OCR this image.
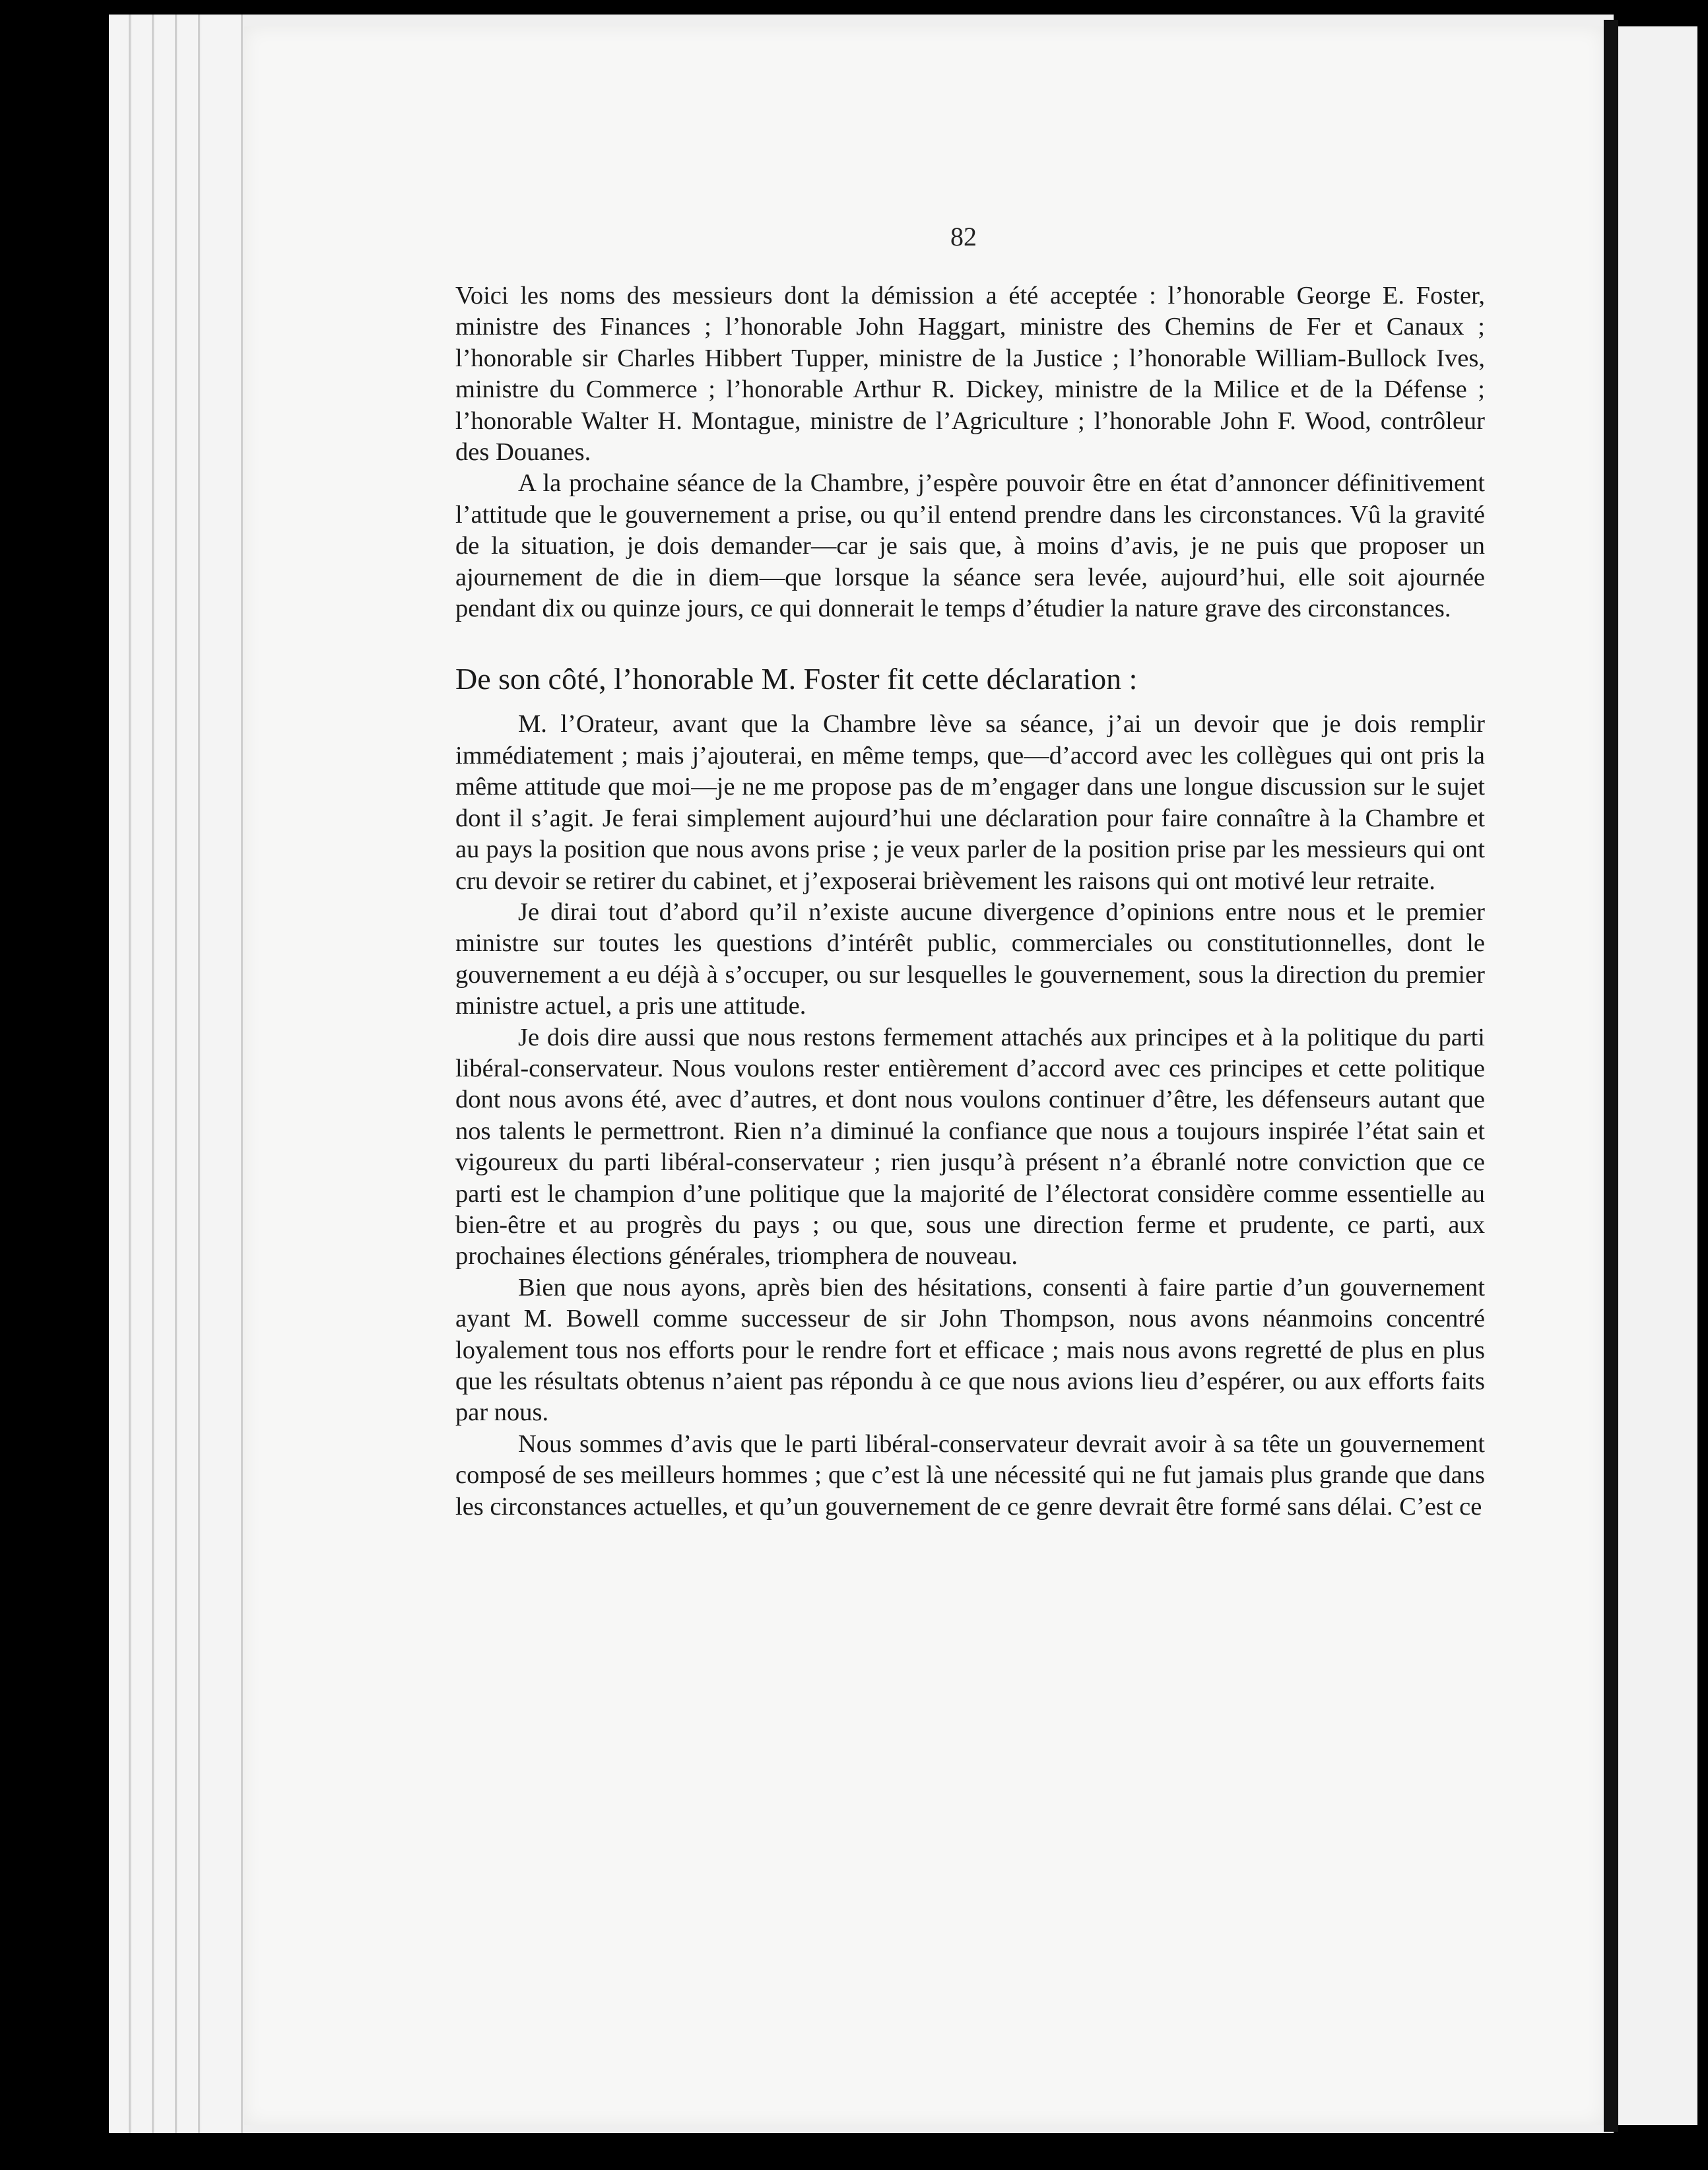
82

Voici les noms des messieurs dont la démission a été acceptée : l’honorable George E. Foster, ministre des Finances ; l’honorable John Haggart, ministre des Chemins de Fer et Canaux ; l’honorable sir Charles Hibbert Tupper, ministre de la Justice ; l’honorable William-Bullock Ives, ministre du Commerce ; l’honorable Arthur R. Dickey, ministre de la Milice et de la Défense ; l’honorable Walter H. Montague, ministre de l’Agriculture ; l’honorable John F. Wood, contrôleur des Douanes.

A la prochaine séance de la Chambre, j’espère pouvoir être en état d’annoncer définitivement l’attitude que le gouvernement a prise, ou qu’il entend prendre dans les circonstances. Vû la gravité de la situation, je dois demander—car je sais que, à moins d’avis, je ne puis que proposer un ajournement de die in diem—que lorsque la séance sera levée, aujourd’hui, elle soit ajournée pendant dix ou quinze jours, ce qui donnerait le temps d’étudier la nature grave des circonstances.

De son côté, l’honorable M. Foster fit cette déclaration :

M. l’Orateur, avant que la Chambre lève sa séance, j’ai un devoir que je dois remplir immédiatement ; mais j’ajouterai, en même temps, que—d’accord avec les collègues qui ont pris la même attitude que moi—je ne me propose pas de m’engager dans une longue discussion sur le sujet dont il s’agit. Je ferai simplement aujourd’hui une déclaration pour faire connaître à la Chambre et au pays la position que nous avons prise ; je veux parler de la position prise par les messieurs qui ont cru devoir se retirer du cabinet, et j’exposerai brièvement les raisons qui ont motivé leur retraite.

Je dirai tout d’abord qu’il n’existe aucune divergence d’opinions entre nous et le premier ministre sur toutes les questions d’intérêt public, commerciales ou constitutionnelles, dont le gouvernement a eu déjà à s’occuper, ou sur lesquelles le gouvernement, sous la direction du premier ministre actuel, a pris une attitude.

Je dois dire aussi que nous restons fermement attachés aux principes et à la politique du parti libéral-conservateur. Nous voulons rester entièrement d’accord avec ces principes et cette politique dont nous avons été, avec d’autres, et dont nous voulons continuer d’être, les défenseurs autant que nos talents le permettront. Rien n’a diminué la confiance que nous a toujours inspirée l’état sain et vigoureux du parti libéral-conservateur ; rien jusqu’à présent n’a ébranlé notre conviction que ce parti est le champion d’une politique que la majorité de l’électorat considère comme essentielle au bien-être et au progrès du pays ; ou que, sous une direction ferme et prudente, ce parti, aux prochaines élections générales, triomphera de nouveau.

Bien que nous ayons, après bien des hésitations, consenti à faire partie d’un gouvernement ayant M. Bowell comme successeur de sir John Thompson, nous avons néanmoins concentré loyalement tous nos efforts pour le rendre fort et efficace ; mais nous avons regretté de plus en plus que les résultats obtenus n’aient pas répondu à ce que nous avions lieu d’espérer, ou aux efforts faits par nous.

Nous sommes d’avis que le parti libéral-conservateur devrait avoir à sa tête un gouvernement composé de ses meilleurs hommes ; que c’est là une nécessité qui ne fut jamais plus grande que dans les circonstances actuelles, et qu’un gouvernement de ce genre devrait être formé sans délai. C’est ce
